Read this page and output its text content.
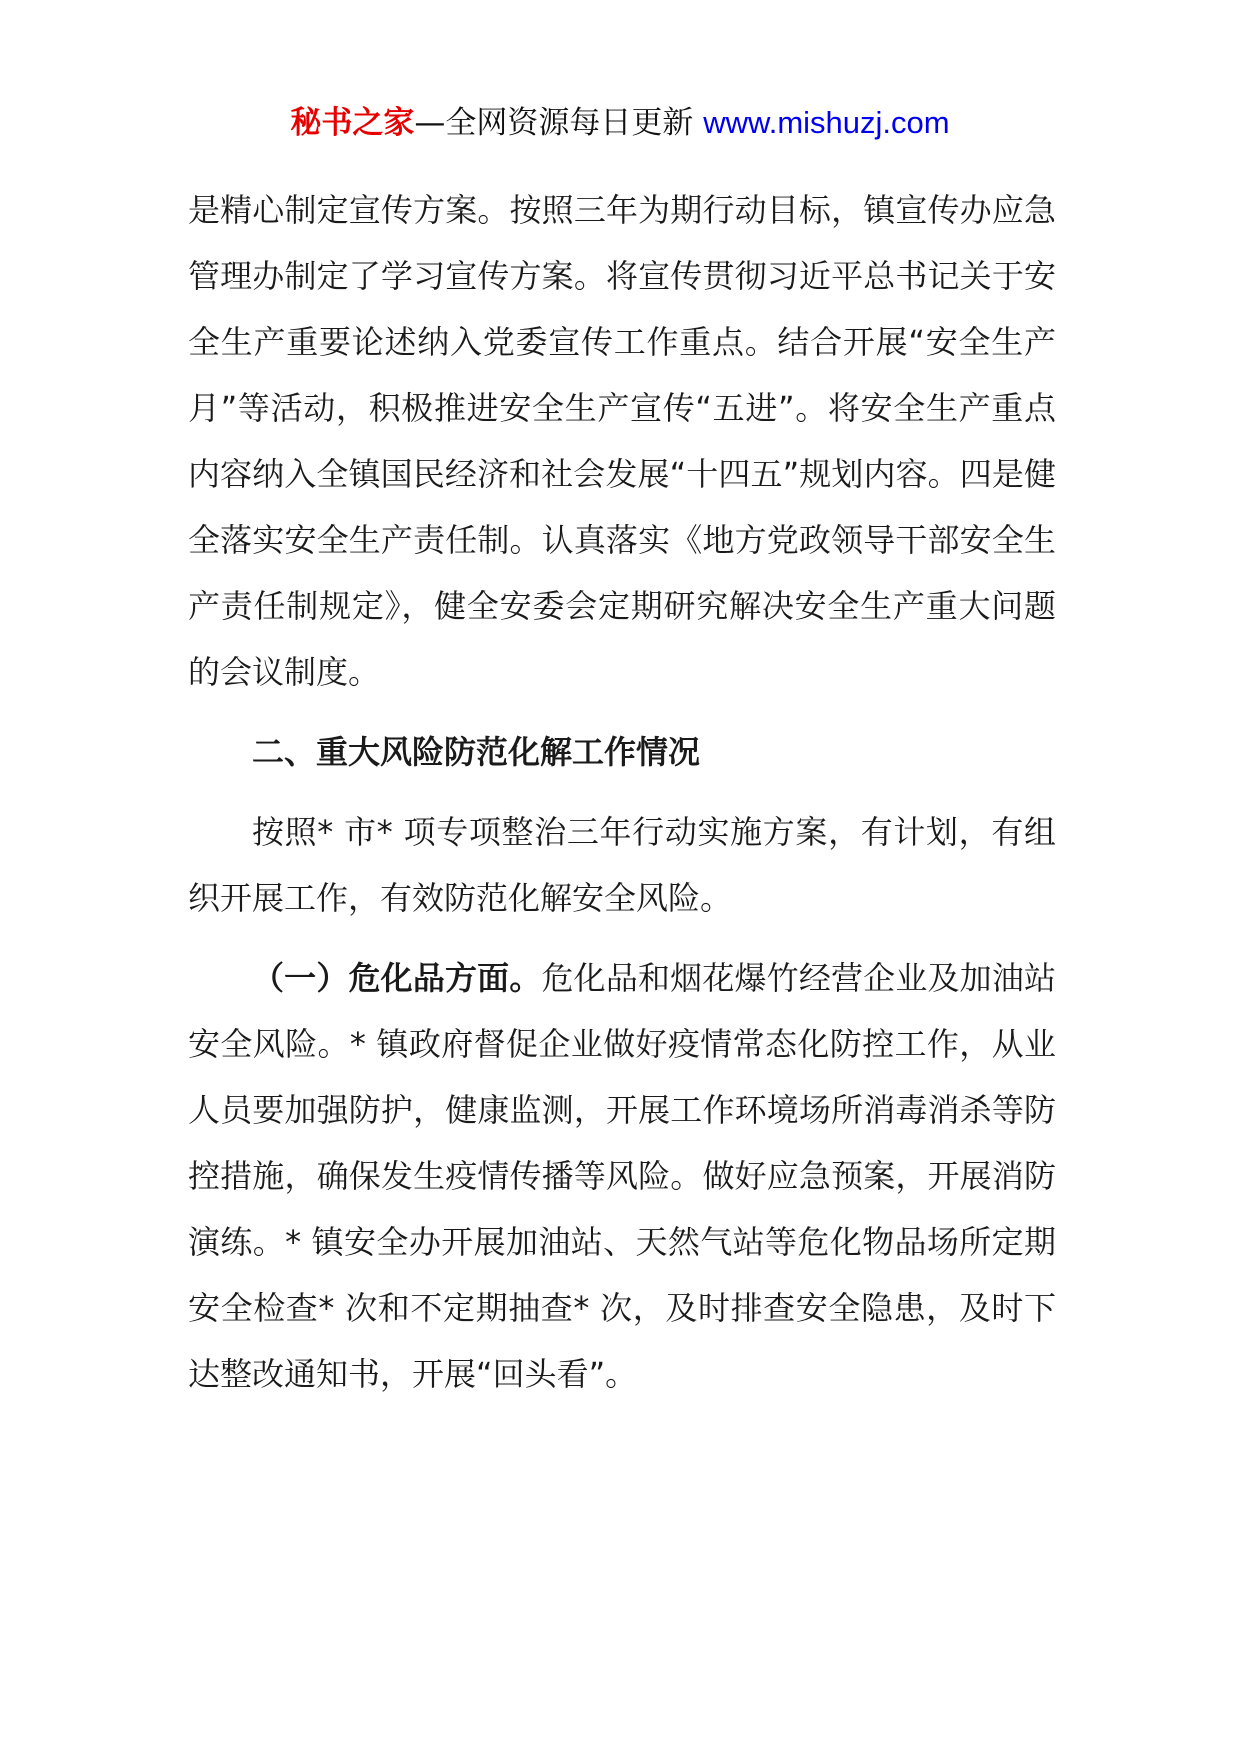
秘书之家—全网资源每日更新 www.mishuzj.com

是精心制定宣传方案。按照三年为期行动目标，镇宣传办应急管理办制定了学习宣传方案。将宣传贯彻习近平总书记关于安全生产重要论述纳入党委宣传工作重点。结合开展“安全生产月”等活动，积极推进安全生产宣传“五进”。将安全生产重点内容纳入全镇国民经济和社会发展“十四五”规划内容。四是健全落实安全生产责任制。认真落实《地方党政领导干部安全生产责任制规定》，健全安委会定期研究解决安全生产重大问题的会议制度。

二、重大风险防范化解工作情况

按照* 市* 项专项整治三年行动实施方案，有计划，有组织开展工作，有效防范化解安全风险。

（一）危化品方面。危化品和烟花爆竹经营企业及加油站安全风险。* 镇政府督促企业做好疫情常态化防控工作，从业人员要加强防护，健康监测，开展工作环境场所消毒消杀等防控措施，确保发生疫情传播等风险。做好应急预案，开展消防演练。* 镇安全办开展加油站、天然气站等危化物品场所定期安全检查* 次和不定期抽查* 次，及时排查安全隐患，及时下达整改通知书，开展“回头看”。
